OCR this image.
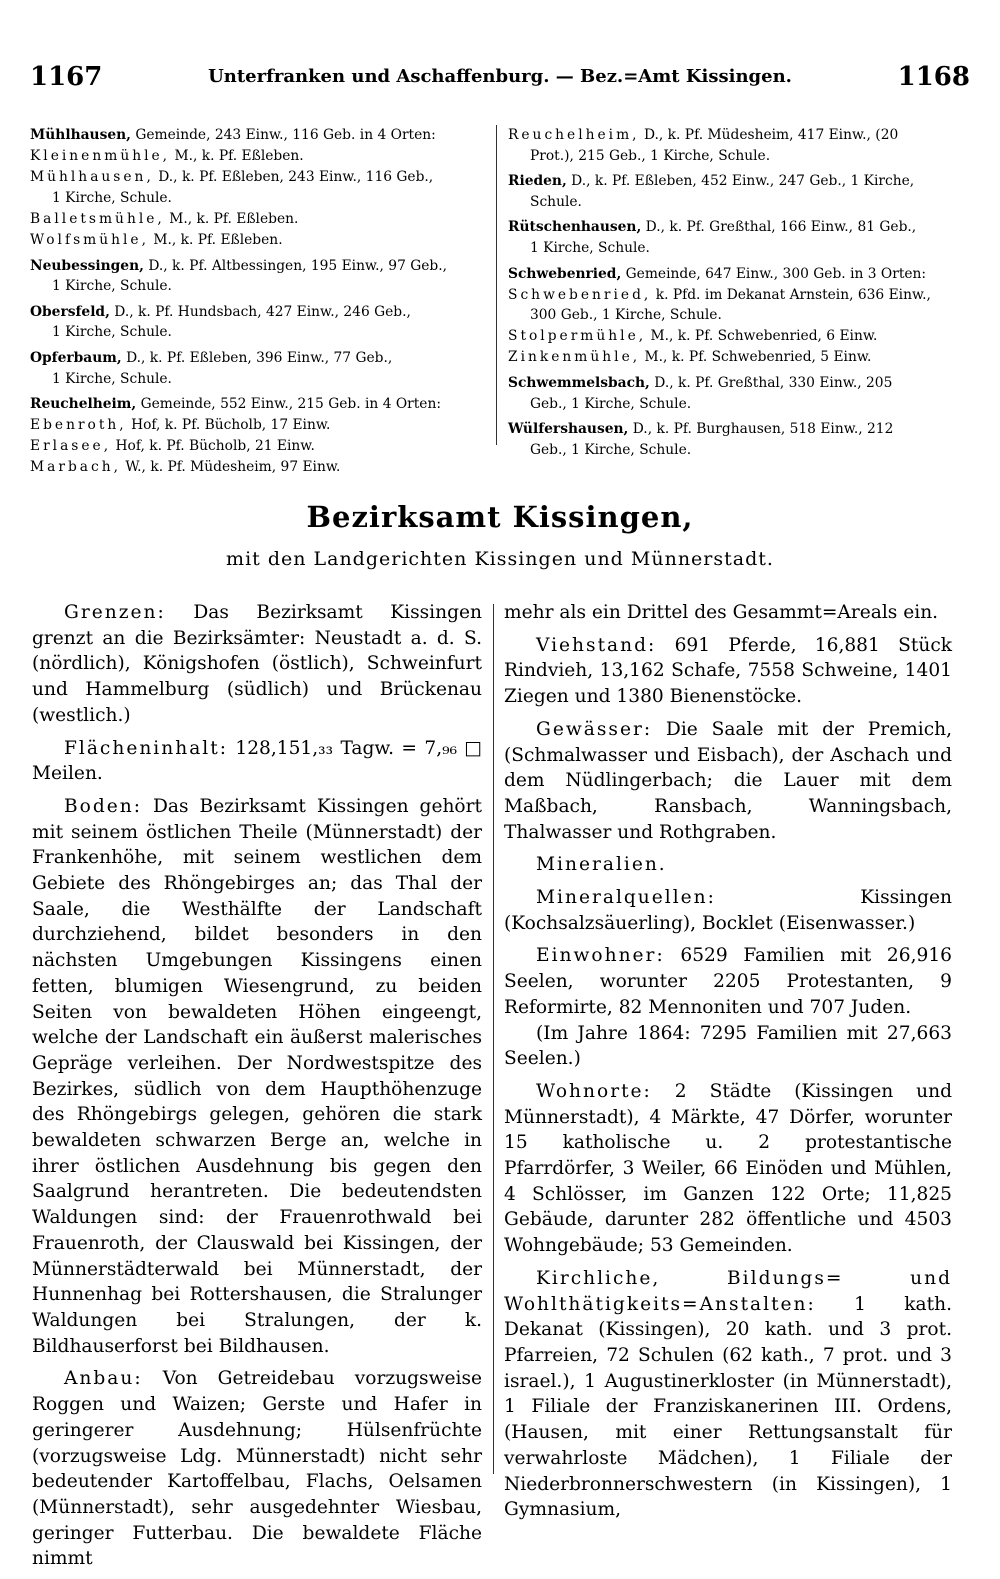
1167	Unterfranken und Aschaffenburg. — Bez.=Amt Kissingen.	1168

Mühlhausen, Gemeinde, 243 Einw., 116 Geb. in 4 Orten:

Kleinenmühle, M., k. Pf. Eßleben.

Mühlhausen, D., k. Pf. Eßleben, 243 Einw., 116 Geb.,
1 Kirche, Schule.

Balletsmühle, M., k. Pf. Eßleben.

Wolfsmühle, M., k. Pf. Eßleben.

Neubessingen, D., k. Pf. Altbessingen, 195 Einw., 97 Geb.,
1 Kirche, Schule.

Obersfeld, D., k. Pf. Hundsbach, 427 Einw., 246 Geb.,
1 Kirche, Schule.

Opferbaum, D., k. Pf. Eßleben, 396 Einw., 77 Geb.,
1 Kirche, Schule.

Reuchelheim, Gemeinde, 552 Einw., 215 Geb. in 4 Orten:

Ebenroth, Hof, k. Pf. Bücholb, 17 Einw.

Erlasee, Hof, k. Pf. Bücholb, 21 Einw.

Marbach, W., k. Pf. Müdesheim, 97 Einw.

Reuchelheim, D., k. Pf. Müdesheim, 417 Einw., (20
Prot.), 215 Geb., 1 Kirche, Schule.

Rieden, D., k. Pf. Eßleben, 452 Einw., 247 Geb., 1 Kirche,
Schule.

Rütschenhausen, D., k. Pf. Greßthal, 166 Einw., 81 Geb.,
1 Kirche, Schule.

Schwebenried, Gemeinde, 647 Einw., 300 Geb. in 3 Orten:

Schwebenried, k. Pfd. im Dekanat Arnstein, 636 Einw.,
300 Geb., 1 Kirche, Schule.

Stolpermühle, M., k. Pf. Schwebenried, 6 Einw.

Zinkenmühle, M., k. Pf. Schwebenried, 5 Einw.

Schwemmelsbach, D., k. Pf. Greßthal, 330 Einw., 205
Geb., 1 Kirche, Schule.

Wülfershausen, D., k. Pf. Burghausen, 518 Einw., 212
Geb., 1 Kirche, Schule.

Bezirksamt Kissingen,
mit den Landgerichten Kissingen und Münnerstadt.

Grenzen: Das Bezirksamt Kissingen grenzt an die Bezirksämter: Neustadt a. d. S. (nördlich), Königshofen (östlich), Schweinfurt und Hammelburg (südlich) und Brückenau (westlich.)

Flächeninhalt: 128,151,₃₃ Tagw. = 7,₉₆ □ Meilen.

Boden: Das Bezirksamt Kissingen gehört mit seinem östlichen Theile (Münnerstadt) der Frankenhöhe, mit seinem westlichen dem Gebiete des Rhöngebirges an; das Thal der Saale, die Westhälfte der Landschaft durchziehend, bildet besonders in den nächsten Umgebungen Kissingens einen fetten, blumigen Wiesengrund, zu beiden Seiten von bewaldeten Höhen eingeengt, welche der Landschaft ein äußerst malerisches Gepräge verleihen. Der Nordwestspitze des Bezirkes, südlich von dem Haupthöhenzuge des Rhöngebirgs gelegen, gehören die stark bewaldeten schwarzen Berge an, welche in ihrer östlichen Ausdehnung bis gegen den Saalgrund herantreten. Die bedeutendsten Waldungen sind: der Frauenrothwald bei Frauenroth, der Clauswald bei Kissingen, der Münnerstädterwald bei Münnerstadt, der Hunnenhag bei Rottershausen, die Stralunger Waldungen bei Stralungen, der k. Bildhauserforst bei Bildhausen.

Anbau: Von Getreidebau vorzugsweise Roggen und Waizen; Gerste und Hafer in geringerer Ausdehnung; Hülsenfrüchte (vorzugsweise Ldg. Münnerstadt) nicht sehr bedeutender Kartoffelbau, Flachs, Oelsamen (Münnerstadt), sehr ausgedehnter Wiesbau, geringer Futterbau. Die bewaldete Fläche nimmt

mehr als ein Drittel des Gesammt=Areals ein.

Viehstand: 691 Pferde, 16,881 Stück Rindvieh, 13,162 Schafe, 7558 Schweine, 1401 Ziegen und 1380 Bienenstöcke.

Gewässer: Die Saale mit der Premich, (Schmalwasser und Eisbach), der Aschach und dem Nüdlingerbach; die Lauer mit dem Maßbach, Ransbach, Wanningsbach, Thalwasser und Rothgraben.

Mineralien.

Mineralquellen:	Kissingen (Kochsalzsäuerling), Bocklet (Eisenwasser.)

Einwohner: 6529 Familien mit 26,916 Seelen, worunter 2205 Protestanten, 9 Reformirte, 82 Mennoniten und 707 Juden.

(Im Jahre 1864: 7295 Familien mit 27,663 Seelen.)

Wohnorte: 2 Städte (Kissingen und Münnerstadt), 4 Märkte, 47 Dörfer, worunter 15 katholische u. 2 protestantische Pfarrdörfer, 3 Weiler, 66 Einöden und Mühlen, 4 Schlösser, im Ganzen 122 Orte; 11,825 Gebäude, darunter 282 öffentliche und 4503 Wohngebäude; 53 Gemeinden.

Kirchliche, Bildungs= und Wohlthätigkeits=Anstalten: 1 kath. Dekanat (Kissingen), 20 kath. und 3 prot. Pfarreien, 72 Schulen (62 kath., 7 prot. und 3 israel.), 1 Augustinerkloster (in Münnerstadt), 1 Filiale der Franziskanerinen III. Ordens, (Hausen, mit einer Rettungsanstalt für verwahrloste Mädchen), 1 Filiale der Niederbronnerschwestern (in Kissingen), 1 Gymnasium,
